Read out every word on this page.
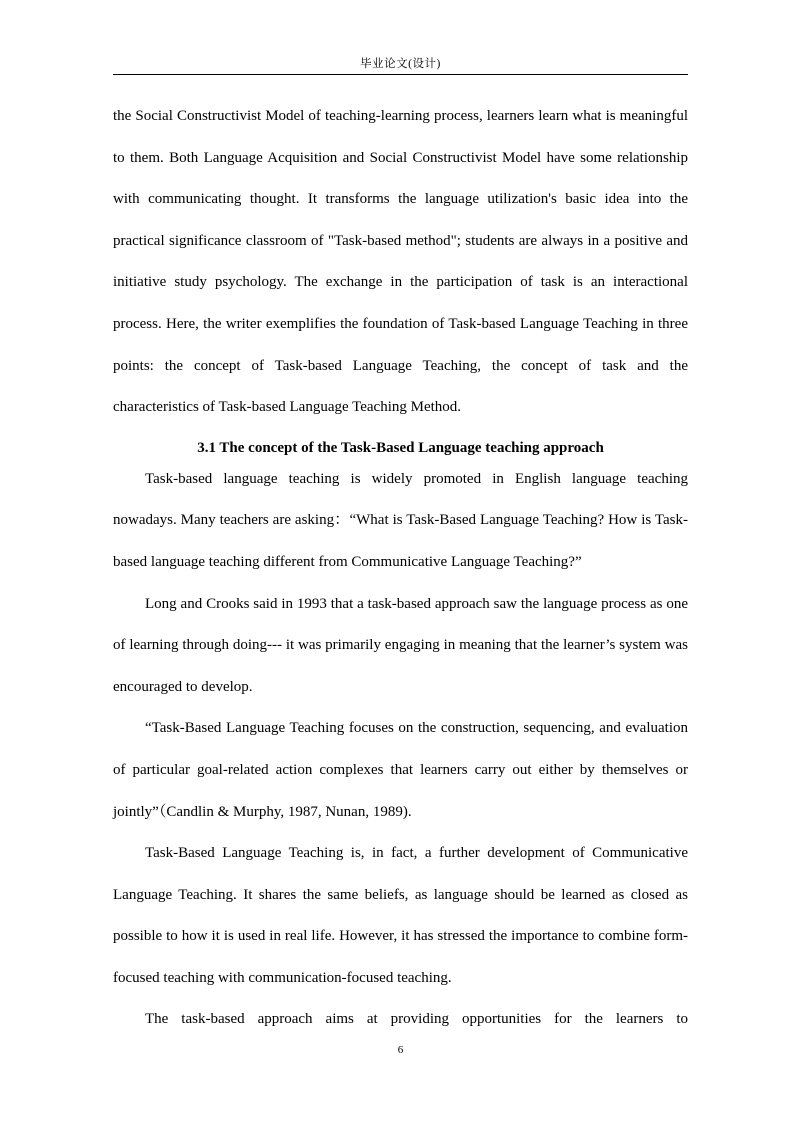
毕业论文(设计)

the Social Constructivist Model of teaching-learning process, learners learn what is meaningful to them. Both Language Acquisition and Social Constructivist Model have some relationship with communicating thought. It transforms the language utilization's basic idea into the practical significance classroom of "Task-based method"; students are always in a positive and initiative study psychology. The exchange in the participation of task is an interactional process. Here, the writer exemplifies the foundation of Task-based Language Teaching in three points: the concept of Task-based Language Teaching, the concept of task and the characteristics of Task-based Language Teaching Method.

3.1 The concept of the Task-Based Language teaching approach

Task-based language teaching is widely promoted in English language teaching nowadays. Many teachers are asking：“What is Task-Based Language Teaching? How is Task-based language teaching different from Communicative Language Teaching?”

Long and Crooks said in 1993 that a task-based approach saw the language process as one of learning through doing--- it was primarily engaging in meaning that the learner’s system was encouraged to develop.

“Task-Based Language Teaching focuses on the construction, sequencing, and evaluation of particular goal-related action complexes that learners carry out either by themselves or jointly”（Candlin & Murphy, 1987, Nunan, 1989).

Task-Based Language Teaching is, in fact, a further development of Communicative Language Teaching. It shares the same beliefs, as language should be learned as closed as possible to how it is used in real life. However, it has stressed the importance to combine form-focused teaching with communication-focused teaching.

The task-based approach aims at providing opportunities for the learners to

6
